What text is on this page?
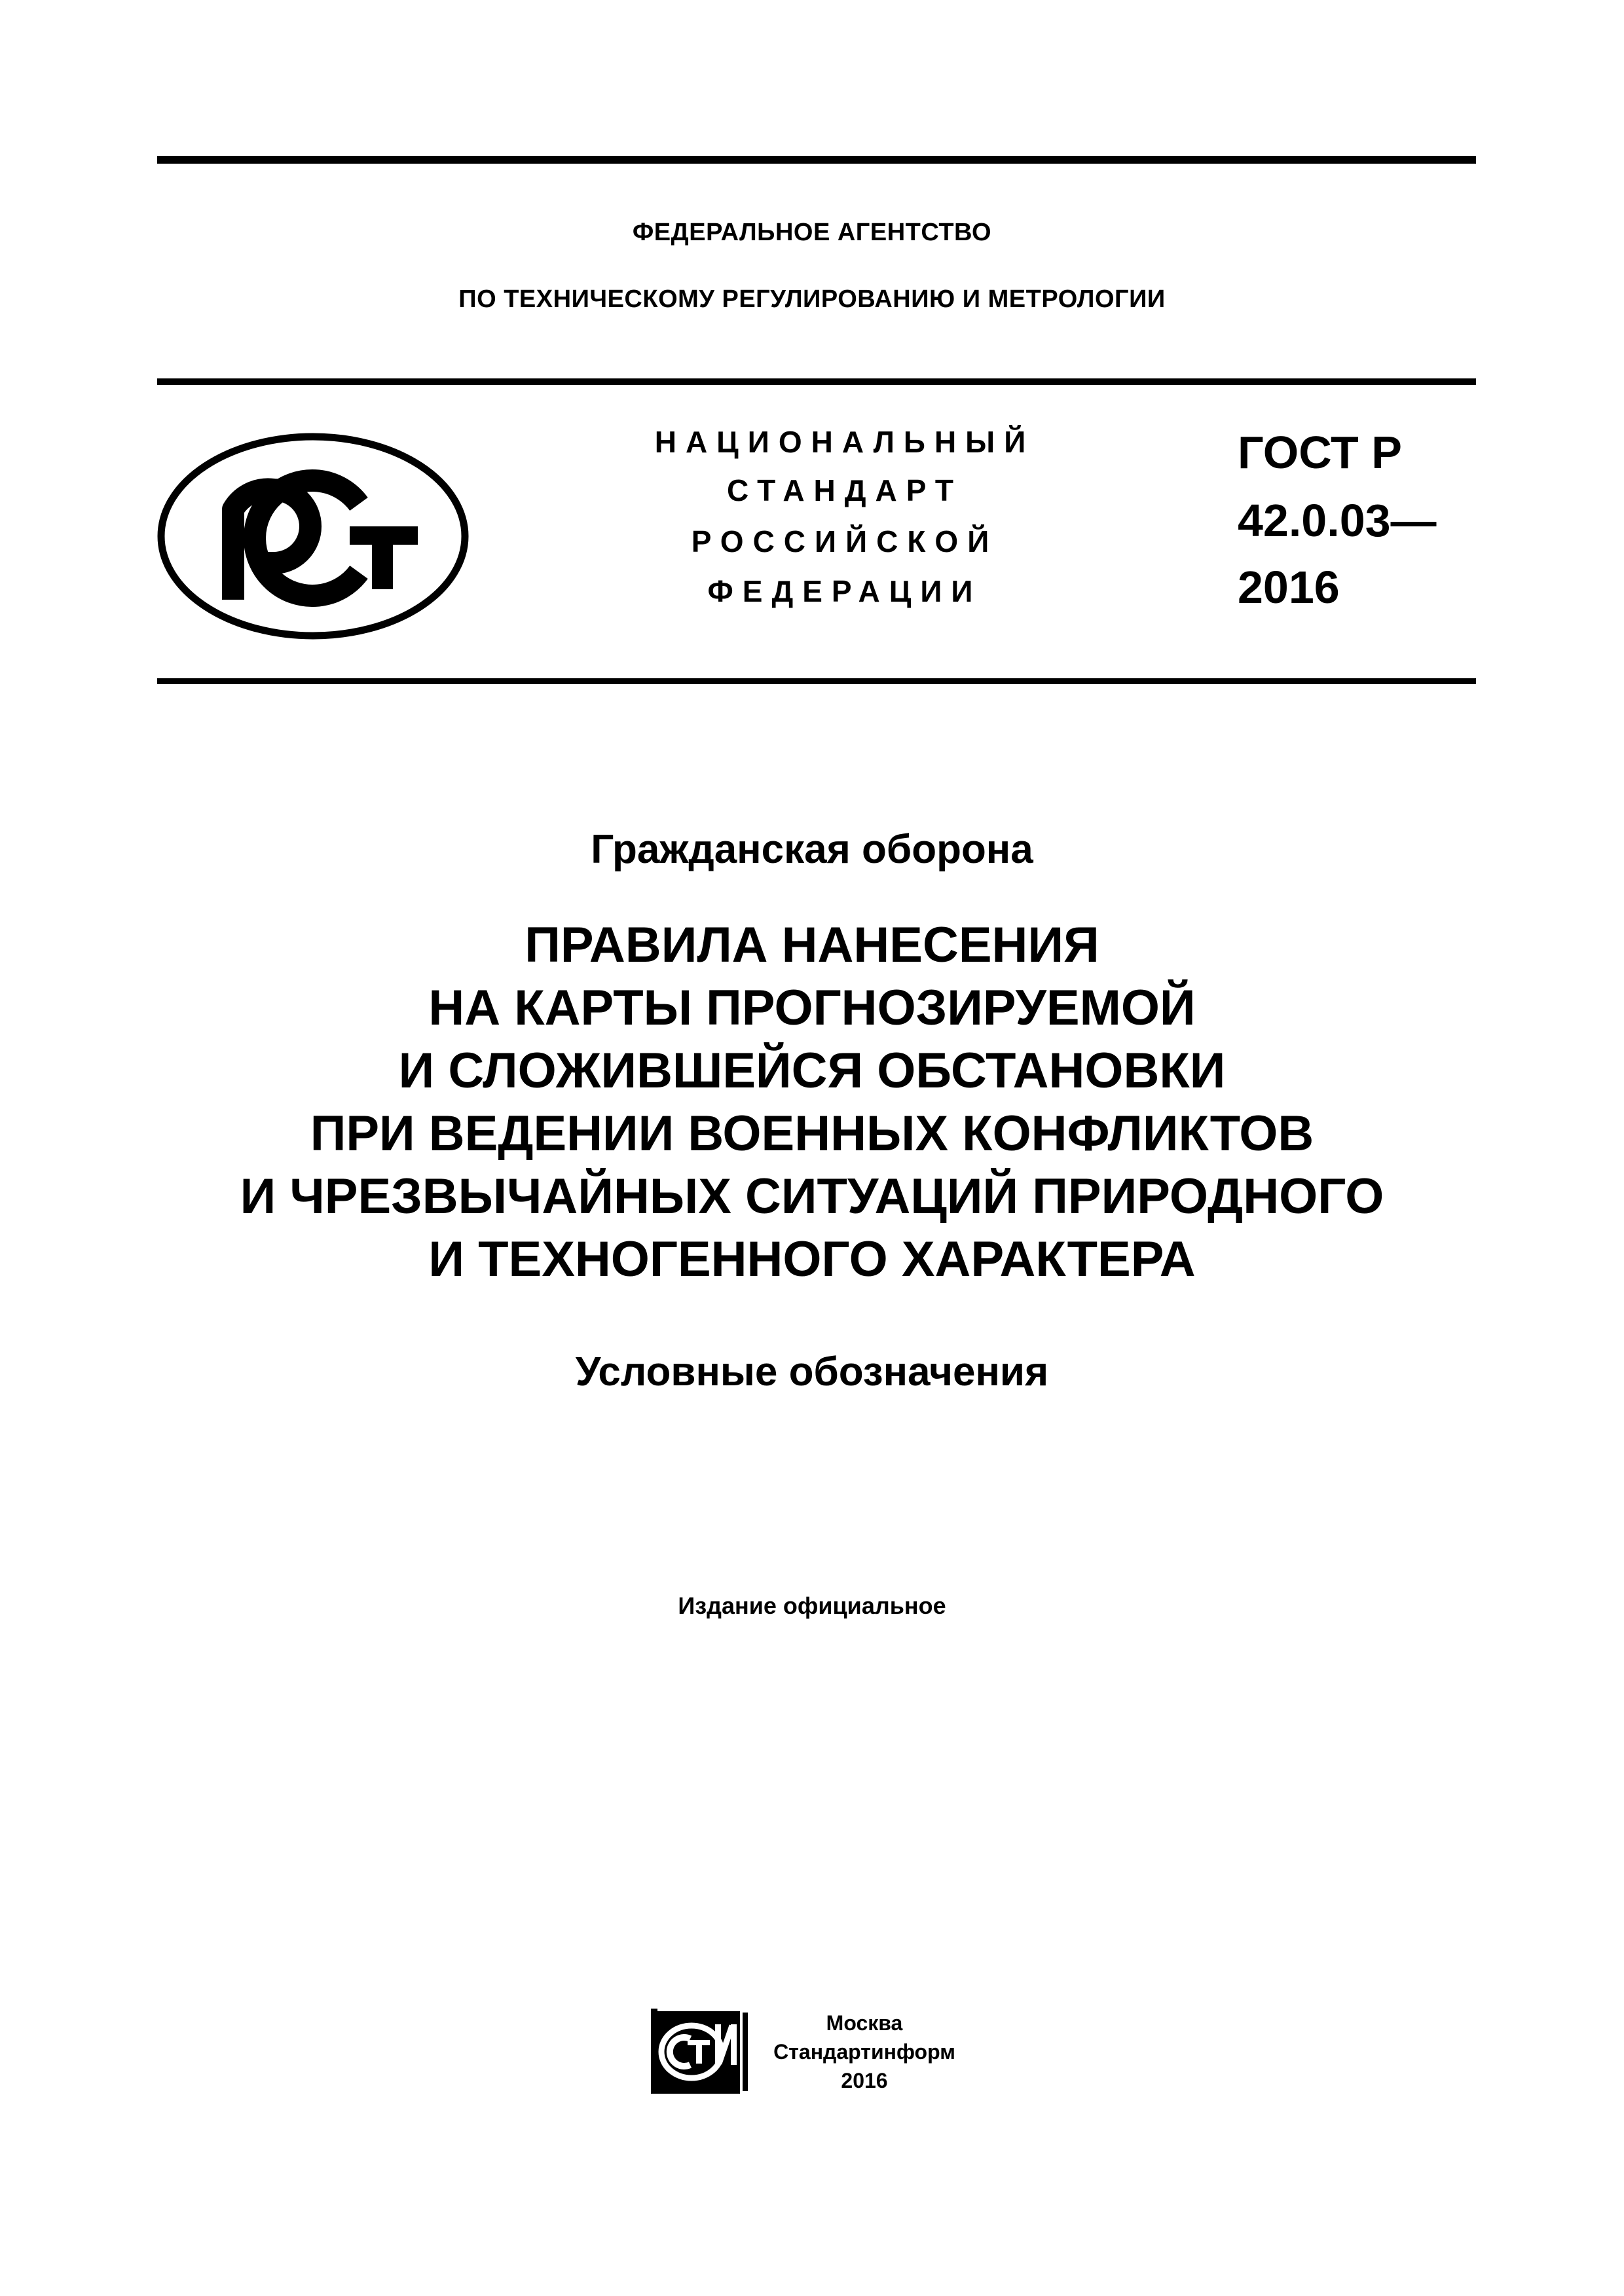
ФЕДЕРАЛЬНОЕ АГЕНТСТВО
ПО ТЕХНИЧЕСКОМУ РЕГУЛИРОВАНИЮ И МЕТРОЛОГИИ
НАЦИОНАЛЬНЫЙ
СТАНДАРТ
РОССИЙСКОЙ
ФЕДЕРАЦИИ
ГОСТ Р
42.0.03—
2016
Гражданская оборона
ПРАВИЛА НАНЕСЕНИЯ
НА КАРТЫ ПРОГНОЗИРУЕМОЙ
И СЛОЖИВШЕЙСЯ ОБСТАНОВКИ
ПРИ ВЕДЕНИИ ВОЕННЫХ КОНФЛИКТОВ
И ЧРЕЗВЫЧАЙНЫХ СИТУАЦИЙ ПРИРОДНОГО
И ТЕХНОГЕННОГО ХАРАКТЕРА
Условные обозначения
Издание официальное
Москва
Стандартинформ
2016
